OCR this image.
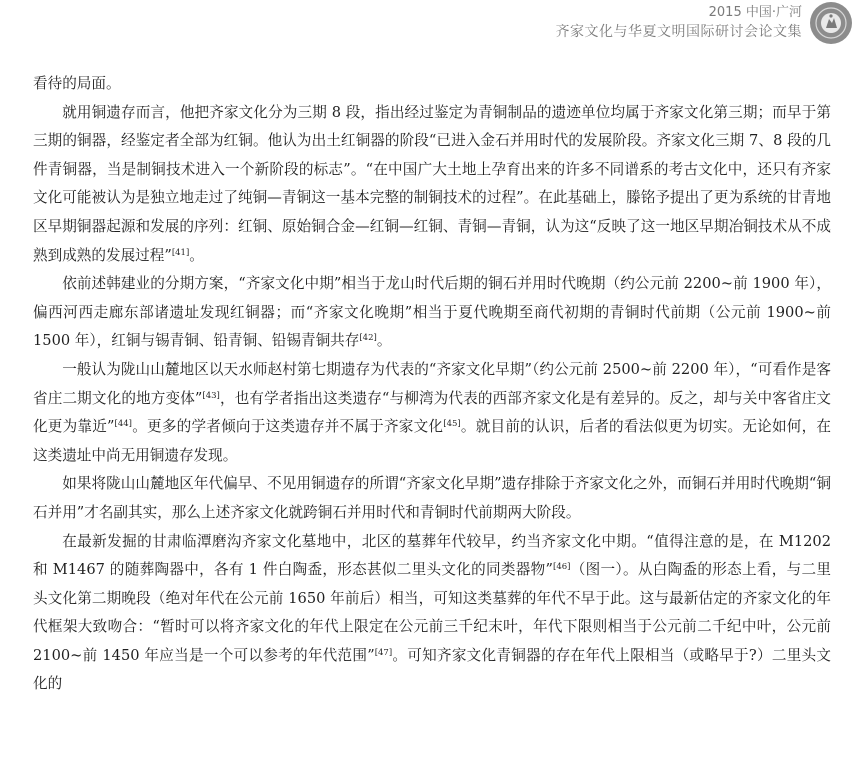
2015 中国·广河
齐家文化与华夏文明国际研讨会论文集

看待的局面。

就用铜遗存而言，他把齐家文化分为三期 8 段，指出经过鉴定为青铜制品的遗迹单位均属于齐家文化第三期；而早于第三期的铜器，经鉴定者全部为红铜。他认为出土红铜器的阶段“已进入金石并用时代的发展阶段。齐家文化三期 7、8 段的几件青铜器，当是制铜技术进入一个新阶段的标志”。“在中国广大土地上孕育出来的许多不同谱系的考古文化中，还只有齐家文化可能被认为是独立地走过了纯铜—青铜这一基本完整的制铜技术的过程”。在此基础上，滕铭予提出了更为系统的甘青地区早期铜器起源和发展的序列：红铜、原始铜合金—红铜—红铜、青铜—青铜，认为这“反映了这一地区早期冶铜技术从不成熟到成熟的发展过程”[41]。

依前述韩建业的分期方案，“齐家文化中期”相当于龙山时代后期的铜石并用时代晚期（约公元前 2200~前 1900 年），偏西河西走廊东部诸遗址发现红铜器；而“齐家文化晚期”相当于夏代晚期至商代初期的青铜时代前期（公元前 1900~前 1500 年），红铜与锡青铜、铅青铜、铅锡青铜共存[42]。

一般认为陇山山麓地区以天水师赵村第七期遗存为代表的“齐家文化早期”（约公元前 2500~前 2200 年），“可看作是客省庄二期文化的地方变体”[43]，也有学者指出这类遗存“与柳湾为代表的西部齐家文化是有差异的。反之，却与关中客省庄文化更为靠近”[44]。更多的学者倾向于这类遗存并不属于齐家文化[45]。就目前的认识，后者的看法似更为切实。无论如何，在这类遗址中尚无用铜遗存发现。

如果将陇山山麓地区年代偏早、不见用铜遗存的所谓“齐家文化早期”遗存排除于齐家文化之外，而铜石并用时代晚期“铜石并用”才名副其实，那么上述齐家文化就跨铜石并用时代和青铜时代前期两大阶段。

在最新发掘的甘肃临潭磨沟齐家文化墓地中，北区的墓葬年代较早，约当齐家文化中期。“值得注意的是，在 M1202 和 M1467 的随葬陶器中，各有 1 件白陶盉，形态甚似二里头文化的同类器物”[46]（图一）。从白陶盉的形态上看，与二里头文化第二期晚段（绝对年代在公元前 1650 年前后）相当，可知这类墓葬的年代不早于此。这与最新估定的齐家文化的年代框架大致吻合：“暂时可以将齐家文化的年代上限定在公元前三千纪末叶，年代下限则相当于公元前二千纪中叶，公元前 2100~前 1450 年应当是一个可以参考的年代范围”[47]。可知齐家文化青铜器的存在年代上限相当（或略早于?）二里头文化的
